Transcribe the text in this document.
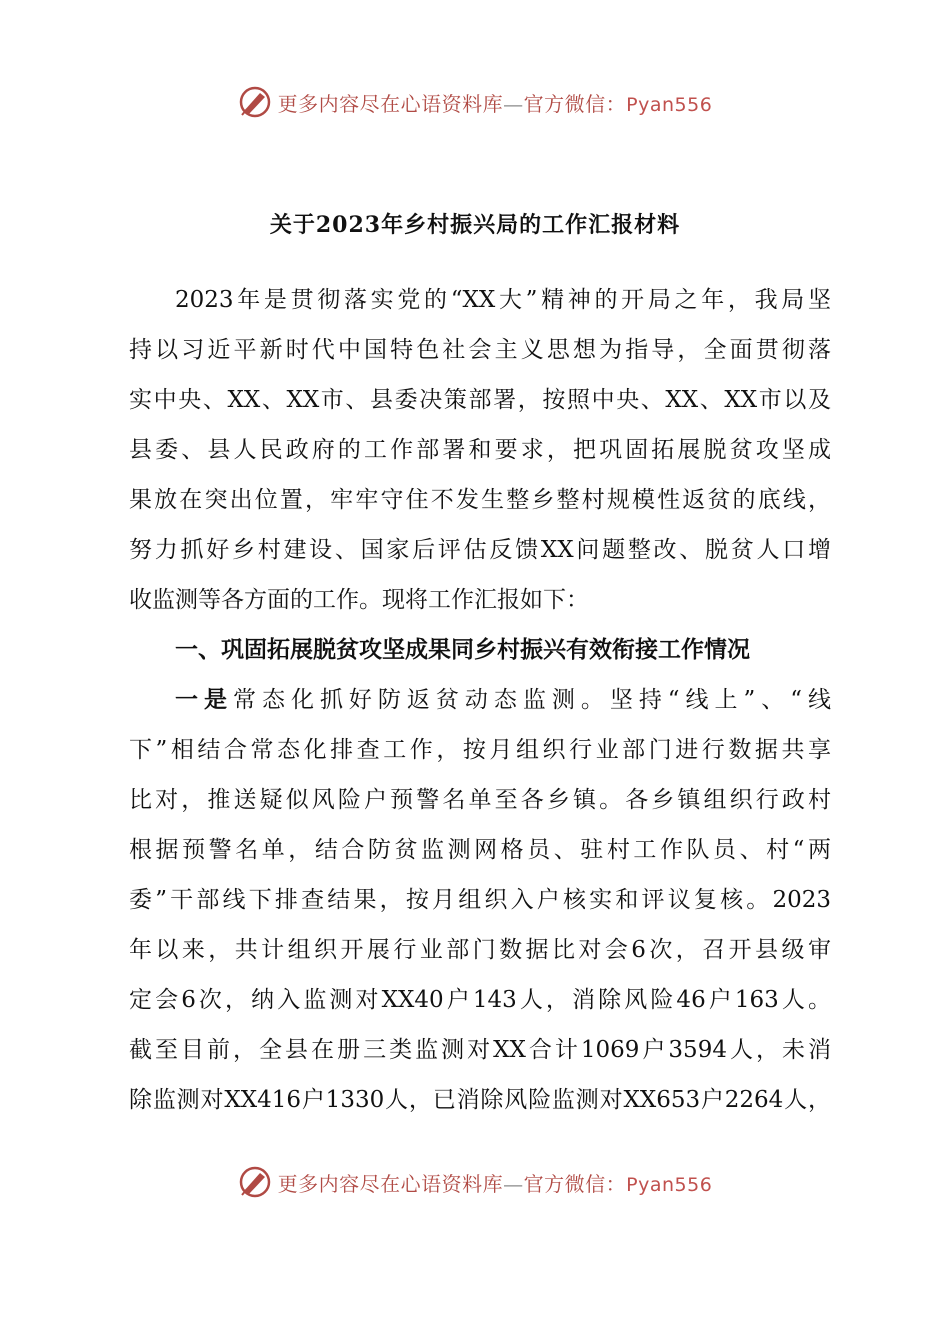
更多内容尽在心语资料库—官方微信：Pyan556
关于2023年乡村振兴局的工作汇报材料
2023年是贯彻落实党的“XX大”精神的开局之年，我局坚
持以习近平新时代中国特色社会主义思想为指导，全面贯彻落
实中央、XX、XX市、县委决策部署，按照中央、XX、XX市以及
县委、县人民政府的工作部署和要求，把巩固拓展脱贫攻坚成
果放在突出位置，牢牢守住不发生整乡整村规模性返贫的底线，
努力抓好乡村建设、国家后评估反馈XX问题整改、脱贫人口增
收监测等各方面的工作。现将工作汇报如下：
一、巩固拓展脱贫攻坚成果同乡村振兴有效衔接工作情况
一是常态化抓好防返贫动态监测。坚持“线上”、“线
下”相结合常态化排查工作，按月组织行业部门进行数据共享
比对，推送疑似风险户预警名单至各乡镇。各乡镇组织行政村
根据预警名单，结合防贫监测网格员、驻村工作队员、村“两
委”干部线下排查结果，按月组织入户核实和评议复核。2023
年以来，共计组织开展行业部门数据比对会6次，召开县级审
定会6次，纳入监测对XX40户143人，消除风险46户163人。
截至目前，全县在册三类监测对XX合计1069户3594人，未消
除监测对XX416户1330人，已消除风险监测对XX653户2264人，
更多内容尽在心语资料库—官方微信：Pyan556
